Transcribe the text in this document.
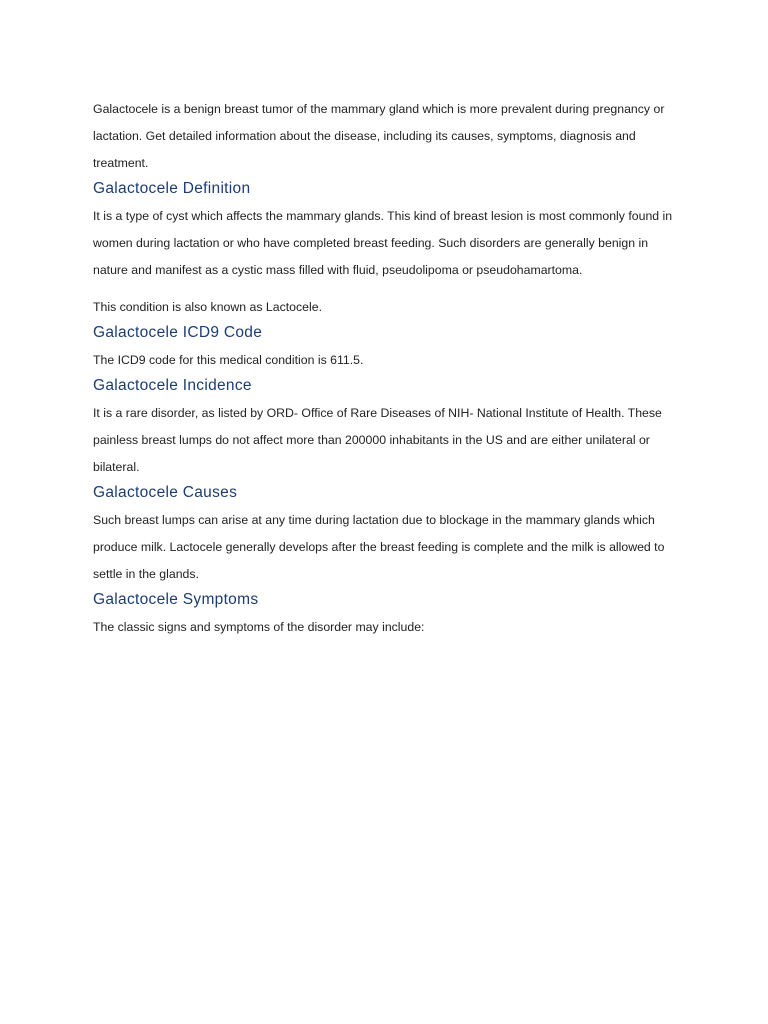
Galactocele is a benign breast tumor of the mammary gland which is more prevalent during pregnancy or lactation. Get detailed information about the disease, including its causes, symptoms, diagnosis and treatment.

Galactocele Definition

It is a type of cyst which affects the mammary glands. This kind of breast lesion is most commonly found in women during lactation or who have completed breast feeding. Such disorders are generally benign in nature and manifest as a cystic mass filled with fluid, pseudolipoma or pseudohamartoma.

This condition is also known as Lactocele.

Galactocele ICD9 Code

The ICD9 code for this medical condition is 611.5.

Galactocele Incidence

It is a rare disorder, as listed by ORD- Office of Rare Diseases of NIH- National Institute of Health. These painless breast lumps do not affect more than 200000 inhabitants in the US and are either unilateral or bilateral.

Galactocele Causes

Such breast lumps can arise at any time during lactation due to blockage in the mammary glands which produce milk. Lactocele generally develops after the breast feeding is complete and the milk is allowed to settle in the glands.

Galactocele Symptoms

The classic signs and symptoms of the disorder may include:
